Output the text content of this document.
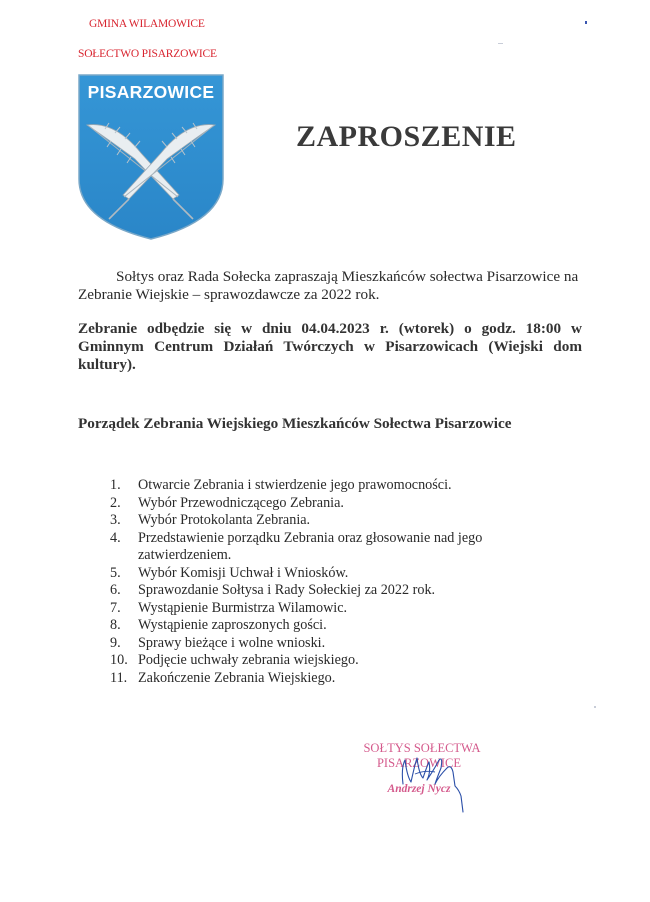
GMINA WILAMOWICE
SOŁECTWO PISARZOWICE
PISARZOWICE
ZAPROSZENIE
Sołtys oraz Rada Sołecka zapraszają Mieszkańców sołectwa Pisarzowice na Zebranie Wiejskie – sprawozdawcze za 2022 rok.
Zebranie odbędzie się w dniu 04.04.2023 r. (wtorek) o godz. 18:00 w Gminnym Centrum Działań Twórczych w Pisarzowicach (Wiejski dom kultury).
Porządek Zebrania Wiejskiego Mieszkańców Sołectwa Pisarzowice
1.	Otwarcie Zebrania i stwierdzenie jego prawomocności.
2.	Wybór Przewodniczącego Zebrania.
3.	Wybór Protokolanta Zebrania.
4.	Przedstawienie porządku Zebrania oraz głosowanie nad jego zatwierdzeniem.
5.	Wybór Komisji Uchwał i Wniosków.
6.	Sprawozdanie Sołtysa i Rady Sołeckiej za 2022 rok.
7.	Wystąpienie Burmistrza Wilamowic.
8.	Wystąpienie zaproszonych gości.
9.	Sprawy bieżące i wolne wnioski.
10. Podjęcie uchwały zebrania wiejskiego.
11. Zakończenie Zebrania Wiejskiego.
SOŁTYS SOŁECTWA
PISARZOWICE
Andrzej Nycz
